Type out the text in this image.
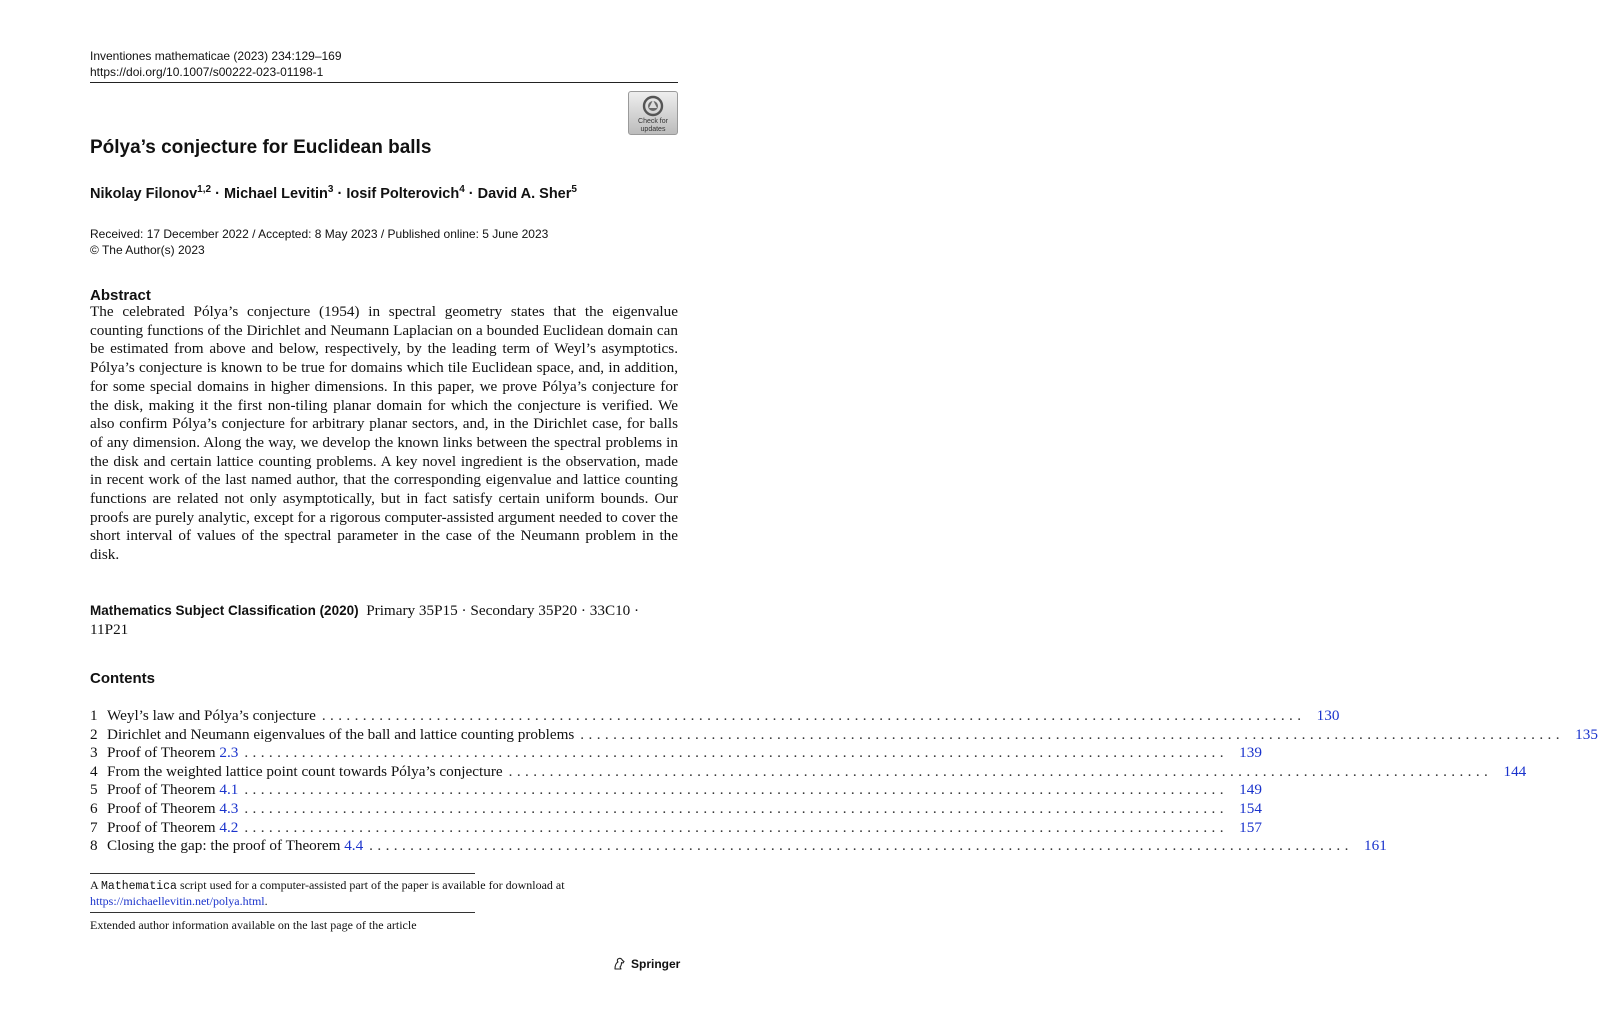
Inventiones mathematicae (2023) 234:129–169
https://doi.org/10.1007/s00222-023-01198-1
Check for
updates
Pólya’s conjecture for Euclidean balls
Nikolay Filonov$^{1,2}$ · Michael Levitin$^3$ · Iosif Polterovich$^4$ · David A. Sher$^5$
Received: 17 December 2022 / Accepted: 8 May 2023 / Published online: 5 June 2023
© The Author(s) 2023
Abstract

The celebrated Pólya’s conjecture (1954) in spectral geometry states that the eigenvalue counting functions of the Dirichlet and Neumann Laplacian on a bounded Euclidean domain can be estimated from above and below, respectively, by the leading term of Weyl’s asymptotics. Pólya’s conjecture is known to be true for domains which tile Euclidean space, and, in addition, for some special domains in higher dimensions. In this paper, we prove Pólya’s conjecture for the disk, making it the first non-tiling planar domain for which the conjecture is verified. We also confirm Pólya’s conjecture for arbitrary planar sectors, and, in the Dirichlet case, for balls of any dimension. Along the way, we develop the known links between the spectral problems in the disk and certain lattice counting problems. A key novel ingredient is the observation, made in recent work of the last named author, that the corresponding eigenvalue and lattice counting functions are related not only asymptotically, but in fact satisfy certain uniform bounds. Our proofs are purely analytic, except for a rigorous computer-assisted argument needed to cover the short interval of values of the spectral parameter in the case of the Neumann problem in the disk.

Mathematics Subject Classification (2020) Primary 35P15 · Secondary 35P20 · 33C10 · 11P21
Contents
1 Weyl’s law and Pólya’s conjecture ........................................................................................................................ 130
2 Dirichlet and Neumann eigenvalues of the ball and lattice counting problems ........................................................................................................................ 135
3 Proof of Theorem 2.3 ........................................................................................................................ 139
4 From the weighted lattice point count towards Pólya’s conjecture ........................................................................................................................ 144
5 Proof of Theorem 4.1 ........................................................................................................................ 149
6 Proof of Theorem 4.3 ........................................................................................................................ 154
7 Proof of Theorem 4.2 ........................................................................................................................ 157
8 Closing the gap: the proof of Theorem 4.4 ........................................................................................................................ 161
A Mathematica script used for a computer-assisted part of the paper is available for download at
https://michaellevitin.net/polya.html.
Extended author information available on the last page of the article
Springer
